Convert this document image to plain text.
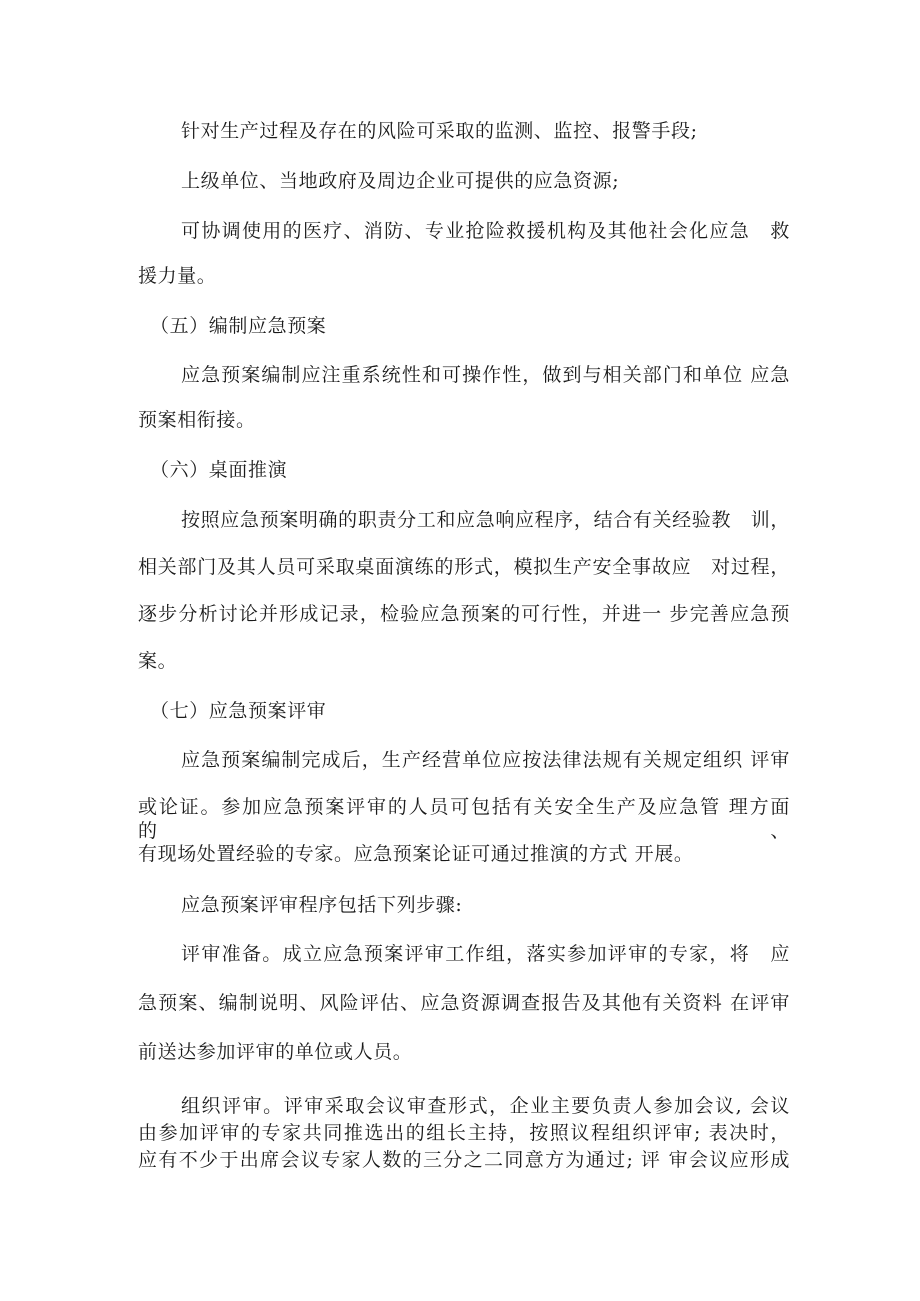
针对生产过程及存在的风险可采取的监测、监控、报警手段;
上级单位、当地政府及周边企业可提供的应急资源;
可协调使用的医疗、消防、专业抢险救援机构及其他社会化应急　救
援力量。
（五）编制应急预案
应急预案编制应注重系统性和可操作性，做到与相关部门和单位 应急
预案相衔接。
（六）桌面推演
按照应急预案明确的职责分工和应急响应程序，结合有关经验教　训，
相关部门及其人员可采取桌面演练的形式，模拟生产安全事故应　对过程，
逐步分析讨论并形成记录，检验应急预案的可行性，并进一 步完善应急预
案。
（七）应急预案评审
应急预案编制完成后，生产经营单位应按法律法规有关规定组织 评审
或论证。参加应急预案评审的人员可包括有关安全生产及应急管 理方面的、
有现场处置经验的专家。应急预案论证可通过推演的方式 开展。
应急预案评审程序包括下列步骤:
评审准备。成立应急预案评审工作组，落实参加评审的专家，将　应
急预案、编制说明、风险评估、应急资源调查报告及其他有关资料 在评审
前送达参加评审的单位或人员。
组织评审。评审采取会议审查形式，企业主要负责人参加会议, 会议
由参加评审的专家共同推选出的组长主持，按照议程组织评审; 表决时，
应有不少于出席会议专家人数的三分之二同意方为通过; 评 审会议应形成
